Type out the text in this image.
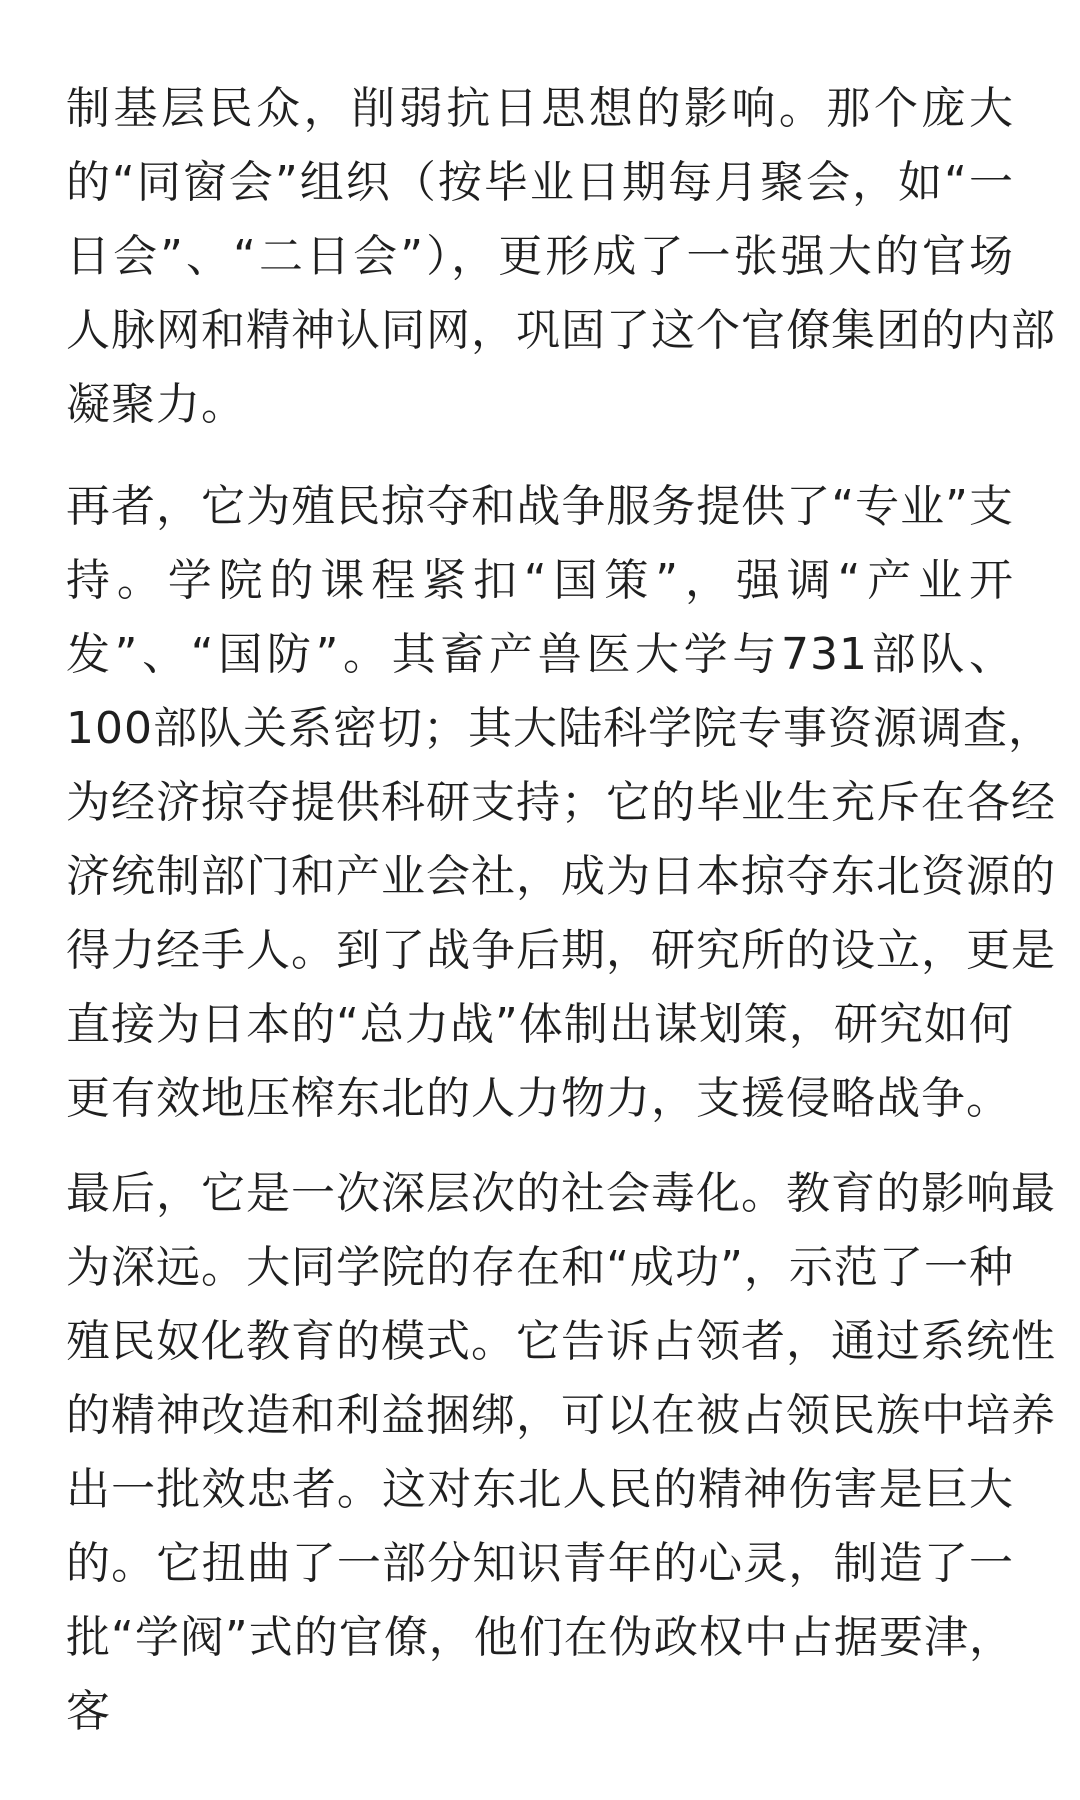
制基层民众，削弱抗日思想的影响。那个庞大
的“同窗会”组织（按毕业日期每月聚会，如“一
日会”、“二日会”），更形成了一张强大的官场
人脉网和精神认同网，巩固了这个官僚集团的内部
凝聚力。
再者，它为殖民掠夺和战争服务提供了“专业”支
持。学院的课程紧扣“国策”，强调“产业开
发”、“国防”。其畜产兽医大学与731部队、
100部队关系密切；其大陆科学院专事资源调查，
为经济掠夺提供科研支持；它的毕业生充斥在各经
济统制部门和产业会社，成为日本掠夺东北资源的
得力经手人。到了战争后期，研究所的设立，更是
直接为日本的“总力战”体制出谋划策，研究如何
更有效地压榨东北的人力物力，支援侵略战争。
最后，它是一次深层次的社会毒化。教育的影响最
为深远。大同学院的存在和“成功”，示范了一种
殖民奴化教育的模式。它告诉占领者，通过系统性
的精神改造和利益捆绑，可以在被占领民族中培养
出一批效忠者。这对东北人民的精神伤害是巨大
的。它扭曲了一部分知识青年的心灵，制造了一
批“学阀”式的官僚，他们在伪政权中占据要津，
客
